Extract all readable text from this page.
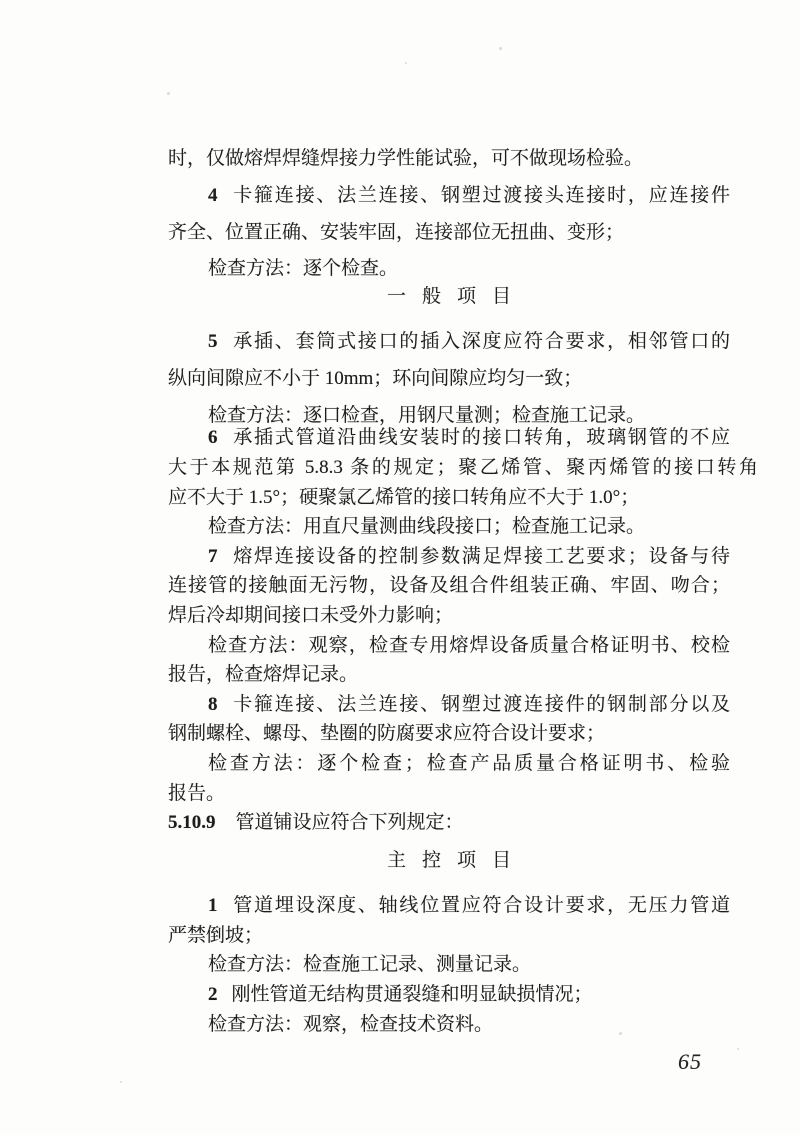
时，仅做熔焊焊缝焊接力学性能试验，可不做现场检验。
4 卡箍连接、法兰连接、钢塑过渡接头连接时，应连接件
齐全、位置正确、安装牢固，连接部位无扭曲、变形；
检查方法：逐个检查。
一般项目
5 承插、套筒式接口的插入深度应符合要求，相邻管口的
纵向间隙应不小于 10mm；环向间隙应均匀一致；
检查方法：逐口检查，用钢尺量测；检查施工记录。
6 承插式管道沿曲线安装时的接口转角，玻璃钢管的不应
大于本规范第 5.8.3 条的规定；聚乙烯管、聚丙烯管的接口转角
应不大于 1.5°；硬聚氯乙烯管的接口转角应不大于 1.0°；
检查方法：用直尺量测曲线段接口；检查施工记录。
7 熔焊连接设备的控制参数满足焊接工艺要求；设备与待
连接管的接触面无污物，设备及组合件组装正确、牢固、吻合；
焊后冷却期间接口未受外力影响；
检查方法：观察，检查专用熔焊设备质量合格证明书、校检
报告，检查熔焊记录。
8 卡箍连接、法兰连接、钢塑过渡连接件的钢制部分以及
钢制螺栓、螺母、垫圈的防腐要求应符合设计要求；
检查方法：逐个检查；检查产品质量合格证明书、检验
报告。
5.10.9 管道铺设应符合下列规定：
主控项目
1 管道埋设深度、轴线位置应符合设计要求，无压力管道
严禁倒坡；
检查方法：检查施工记录、测量记录。
2 刚性管道无结构贯通裂缝和明显缺损情况；
检查方法：观察，检查技术资料。
65
